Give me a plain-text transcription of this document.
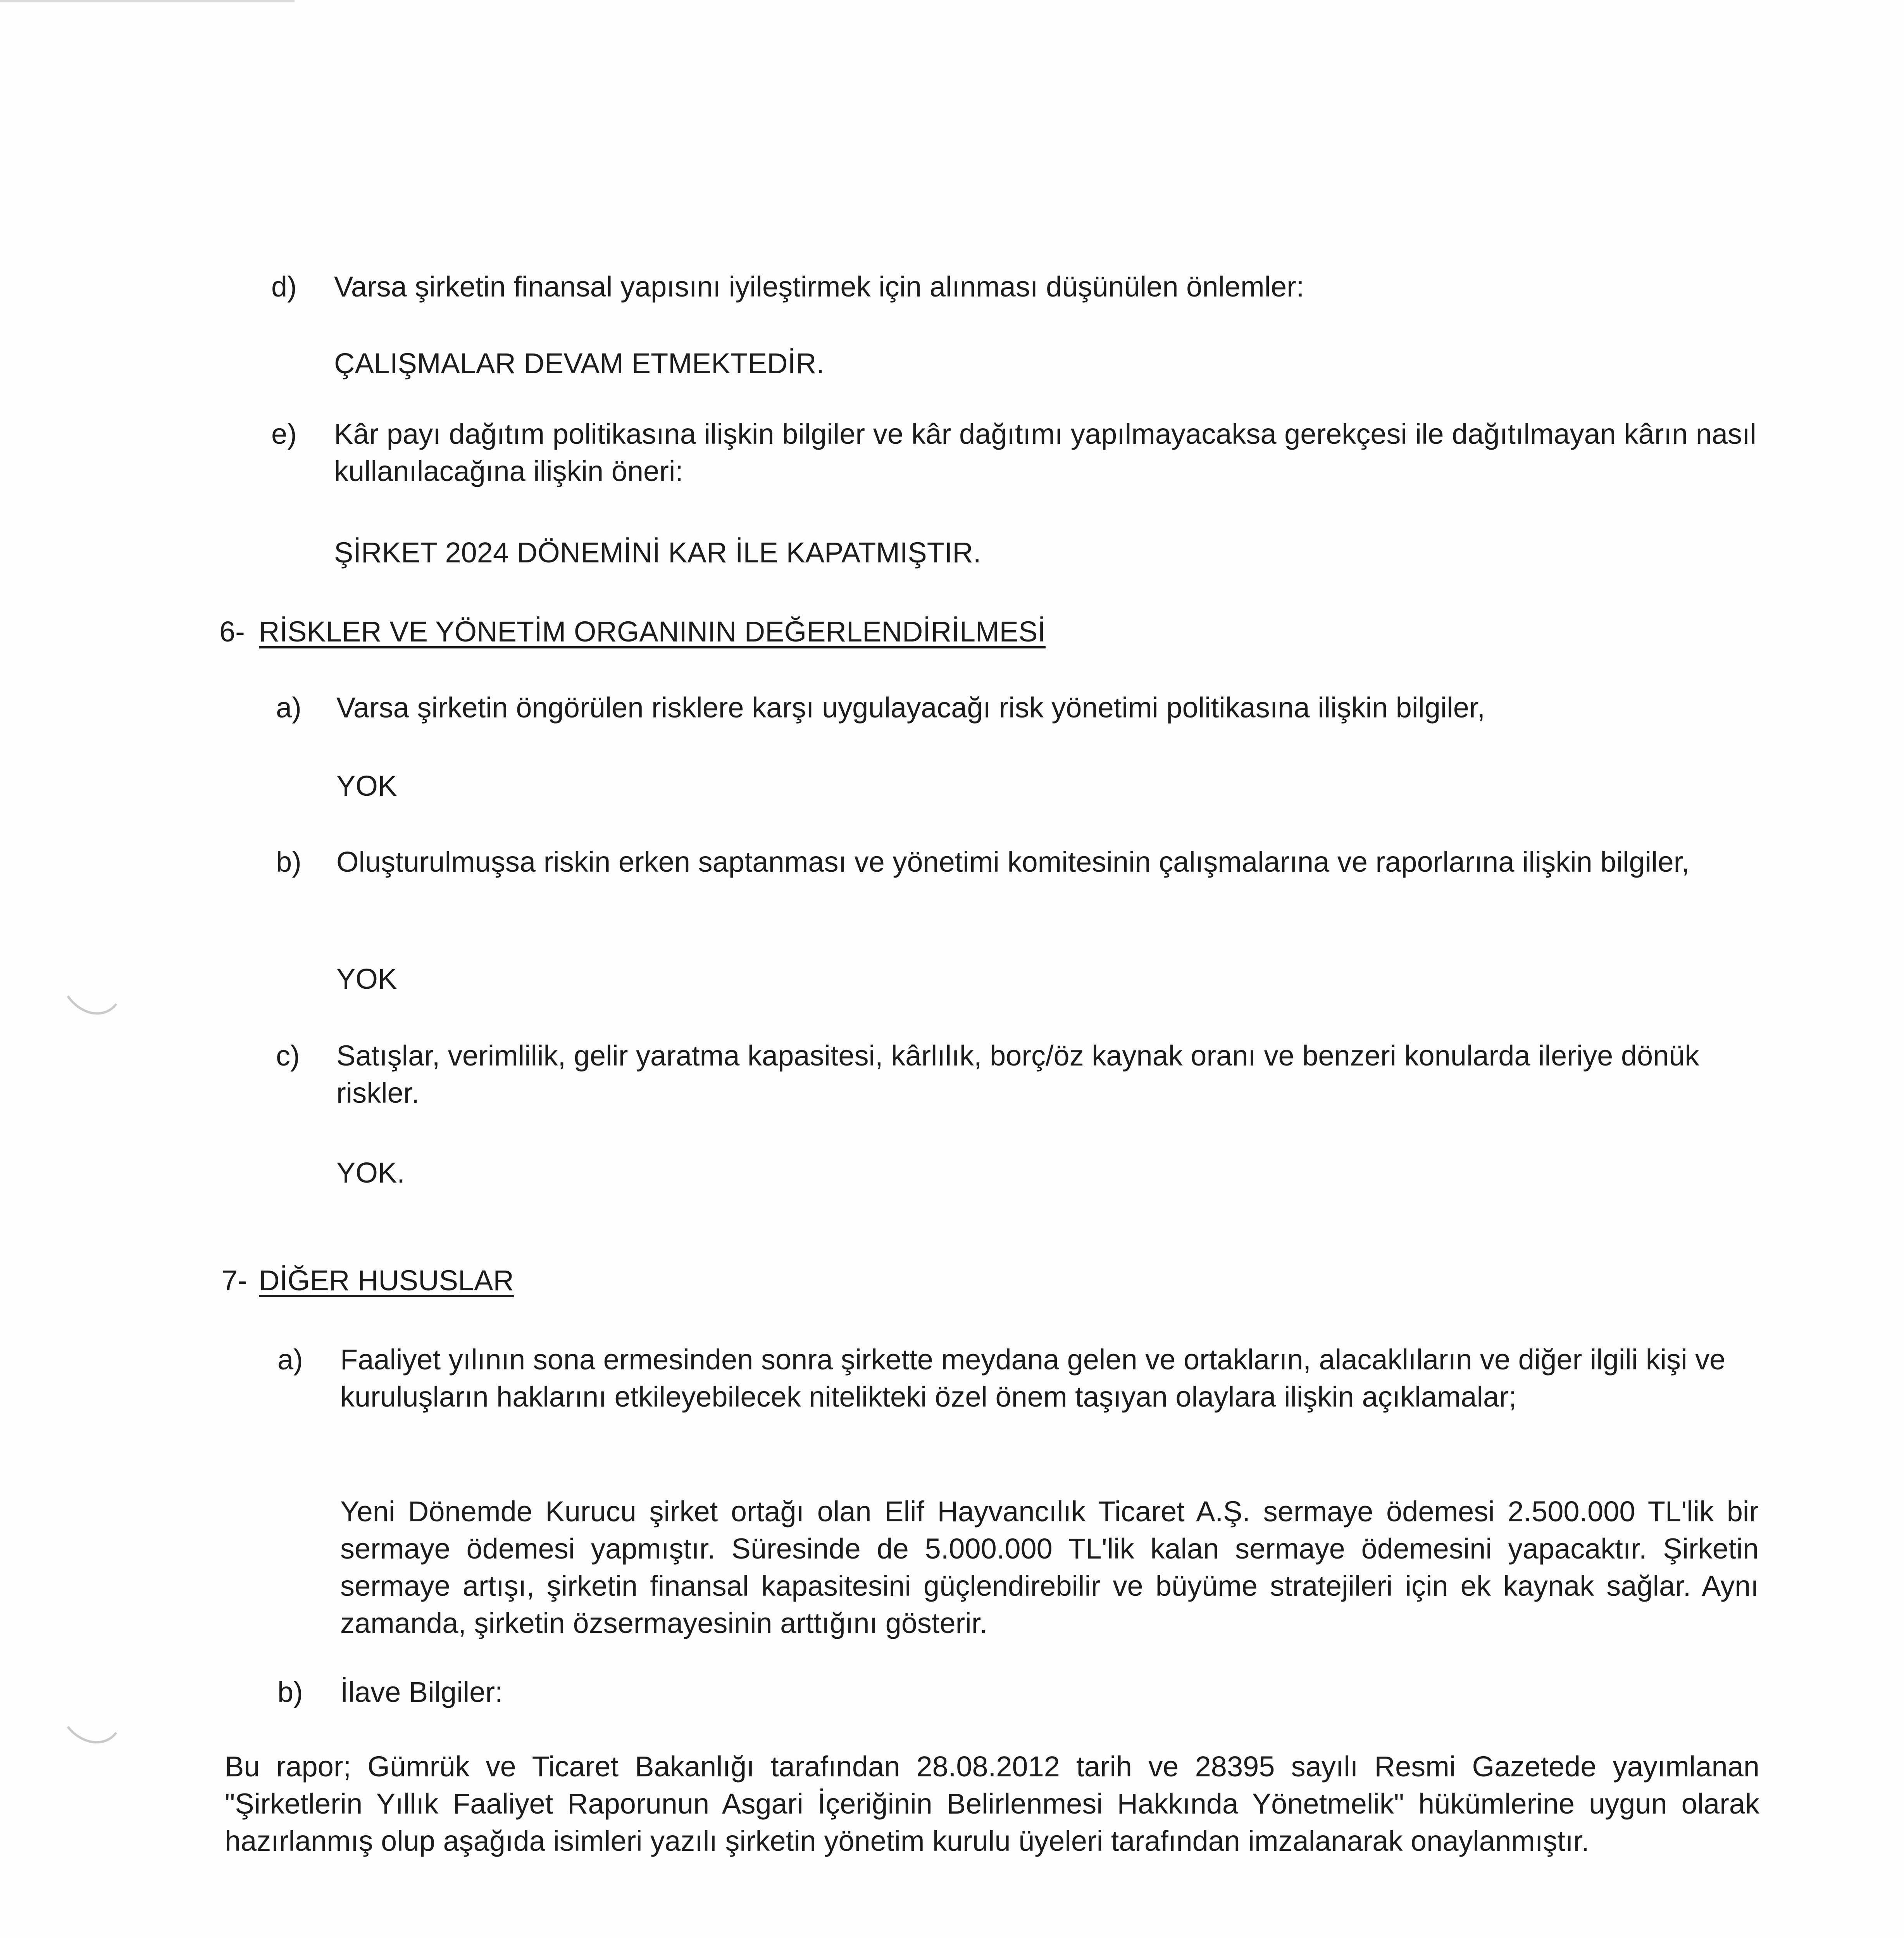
d) Varsa şirketin finansal yapısını iyileştirmek için alınması düşünülen önlemler:

ÇALIŞMALAR DEVAM ETMEKTEDİR.

e) Kâr payı dağıtım politikasına ilişkin bilgiler ve kâr dağıtımı yapılmayacaksa gerekçesi ile dağıtılmayan kârın nasıl kullanılacağına ilişkin öneri:

ŞİRKET 2024 DÖNEMİNİ KAR İLE KAPATMIŞTIR.

6- RİSKLER VE YÖNETİM ORGANININ DEĞERLENDİRİLMESİ

a) Varsa şirketin öngörülen risklere karşı uygulayacağı risk yönetimi politikasına ilişkin bilgiler,

YOK

b) Oluşturulmuşsa riskin erken saptanması ve yönetimi komitesinin çalışmalarına ve raporlarına ilişkin bilgiler,

YOK

c) Satışlar, verimlilik, gelir yaratma kapasitesi, kârlılık, borç/öz kaynak oranı ve benzeri konularda ileriye dönük riskler.

YOK.

7- DİĞER HUSUSLAR

a) Faaliyet yılının sona ermesinden sonra şirkette meydana gelen ve ortakların, alacaklıların ve diğer ilgili kişi ve kuruluşların haklarını etkileyebilecek nitelikteki özel önem taşıyan olaylara ilişkin açıklamalar;

Yeni Dönemde Kurucu şirket ortağı olan Elif Hayvancılık Ticaret A.Ş. sermaye ödemesi 2.500.000 TL'lik bir sermaye ödemesi yapmıştır. Süresinde de 5.000.000 TL'lik kalan sermaye ödemesini yapacaktır. Şirketin sermaye artışı, şirketin finansal kapasitesini güçlendirebilir ve büyüme stratejileri için ek kaynak sağlar. Aynı zamanda, şirketin özsermayesinin arttığını gösterir.

b) İlave Bilgiler:

Bu rapor; Gümrük ve Ticaret Bakanlığı tarafından 28.08.2012 tarih ve 28395 sayılı Resmi Gazetede yayımlanan "Şirketlerin Yıllık Faaliyet Raporunun Asgari İçeriğinin Belirlenmesi Hakkında Yönetmelik" hükümlerine uygun olarak hazırlanmış olup aşağıda isimleri yazılı şirketin yönetim kurulu üyeleri tarafından imzalanarak onaylanmıştır.
